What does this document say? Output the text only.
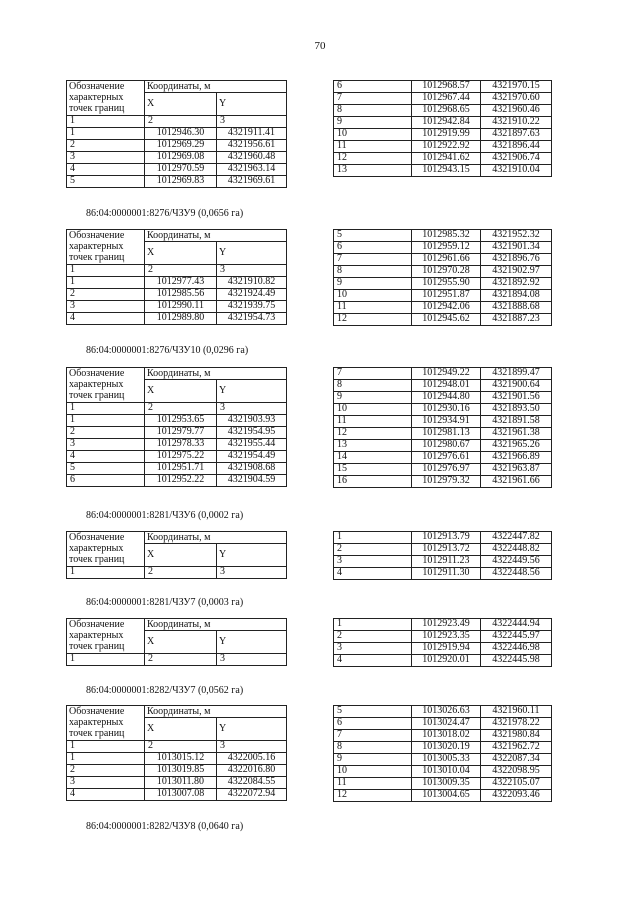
70
Обозначение
характерных
точек границ	Координаты, м	
	X	Y
1	2	3
1	1012946.30	4321911.41
2	1012969.29	4321956.61
3	1012969.08	4321960.48
4	1012970.59	4321963.14
5	1012969.83	4321969.61
6	1012968.57	4321970.15
7	1012967.44	4321970.60
8	1012968.65	4321960.46
9	1012942.84	4321910.22
10	1012919.99	4321897.63
11	1012922.92	4321896.44
12	1012941.62	4321906.74
13	1012943.15	4321910.04
86:04:0000001:8276/ЧЗУ9 (0,0656 га)
Обозначение
характерных
точек границ	Координаты, м	
	X	Y
1	2	3
1	1012977.43	4321910.82
2	1012985.56	4321924.49
3	1012990.11	4321939.75
4	1012989.80	4321954.73
5	1012985.32	4321952.32
6	1012959.12	4321901.34
7	1012961.66	4321896.76
8	1012970.28	4321902.97
9	1012955.90	4321892.92
10	1012951.87	4321894.08
11	1012942.06	4321888.68
12	1012945.62	4321887.23
86:04:0000001:8276/ЧЗУ10 (0,0296 га)
Обозначение
характерных
точек границ	Координаты, м	
	X	Y
1	2	3
1	1012953.65	4321903.93
2	1012979.77	4321954.95
3	1012978.33	4321955.44
4	1012975.22	4321954.49
5	1012951.71	4321908.68
6	1012952.22	4321904.59
7	1012949.22	4321899.47
8	1012948.01	4321900.64
9	1012944.80	4321901.56
10	1012930.16	4321893.50
11	1012934.91	4321891.58
12	1012981.13	4321961.38
13	1012980.67	4321965.26
14	1012976.61	4321966.89
15	1012976.97	4321963.87
16	1012979.32	4321961.66
86:04:0000001:8281/ЧЗУ6 (0,0002 га)
Обозначение
характерных
точек границ	Координаты, м	
	X	Y
1	2	3
1	1012913.79	4322447.82
2	1012913.72	4322448.82
3	1012911.23	4322449.56
4	1012911.30	4322448.56
86:04:0000001:8281/ЧЗУ7 (0,0003 га)
Обозначение
характерных
точек границ	Координаты, м	
	X	Y
1	2	3
1	1012923.49	4322444.94
2	1012923.35	4322445.97
3	1012919.94	4322446.98
4	1012920.01	4322445.98
86:04:0000001:8282/ЧЗУ7 (0,0562 га)
Обозначение
характерных
точек границ	Координаты, м	
	X	Y
1	2	3
1	1013015.12	4322005.16
2	1013019.85	4322016.80
3	1013011.80	4322084.55
4	1013007.08	4322072.94
5	1013026.63	4321960.11
6	1013024.47	4321978.22
7	1013018.02	4321980.84
8	1013020.19	4321962.72
9	1013005.33	4322087.34
10	1013010.04	4322098.95
11	1013009.35	4322105.07
12	1013004.65	4322093.46
86:04:0000001:8282/ЧЗУ8 (0,0640 га)
